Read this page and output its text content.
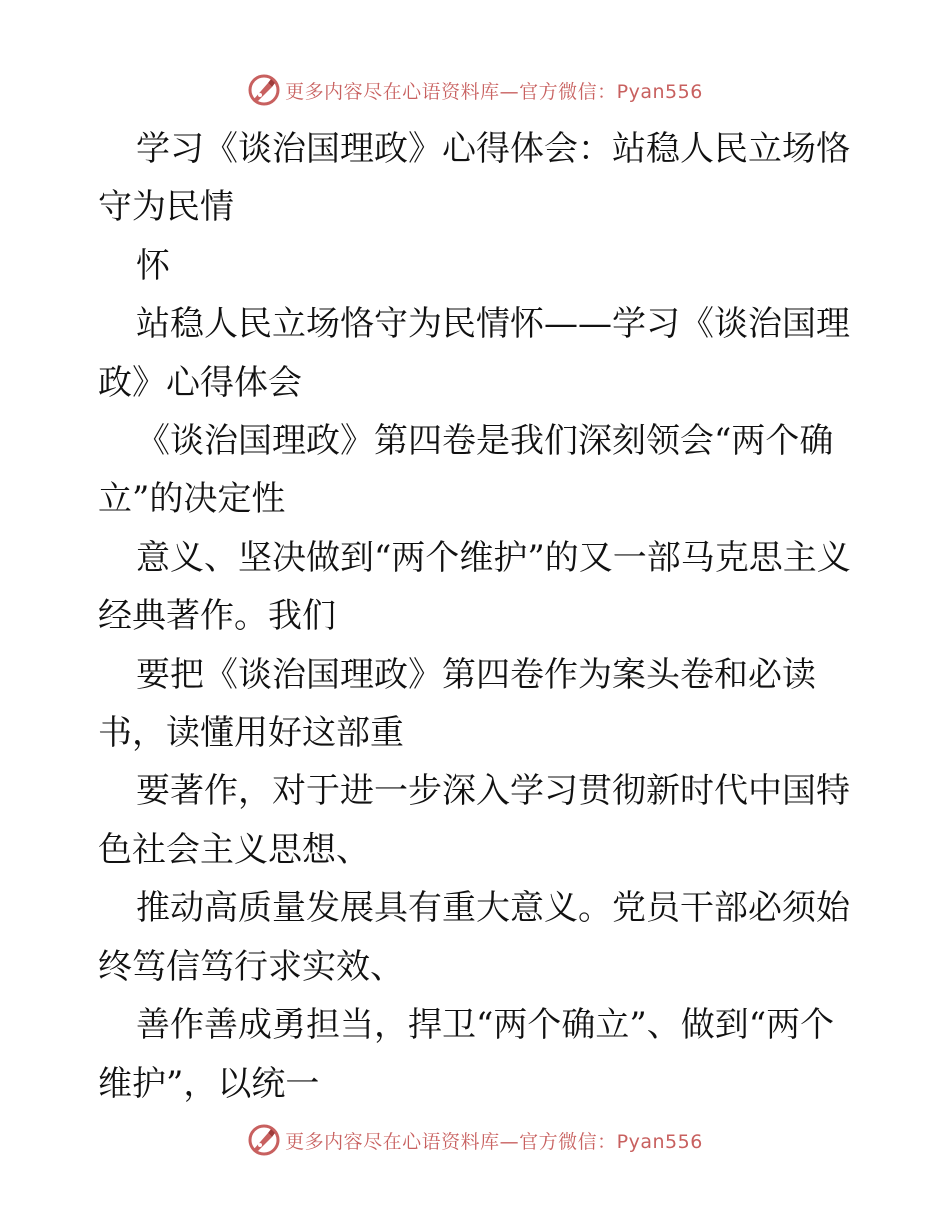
更多内容尽在心语资料库—官方微信：Pyan556

学习《谈治国理政》心得体会：站稳人民立场恪守为民情

怀

站稳人民立场恪守为民情怀——学习《谈治国理政》心得体会

《谈治国理政》第四卷是我们深刻领会“两个确立”的决定性

意义、坚决做到“两个维护”的又一部马克思主义经典著作。我们

要把《谈治国理政》第四卷作为案头卷和必读书，读懂用好这部重

要著作，对于进一步深入学习贯彻新时代中国特色社会主义思想、

推动高质量发展具有重大意义。党员干部必须始终笃信笃行求实效、

善作善成勇担当，捍卫“两个确立”、做到“两个维护”，以统一

更多内容尽在心语资料库—官方微信：Pyan556
